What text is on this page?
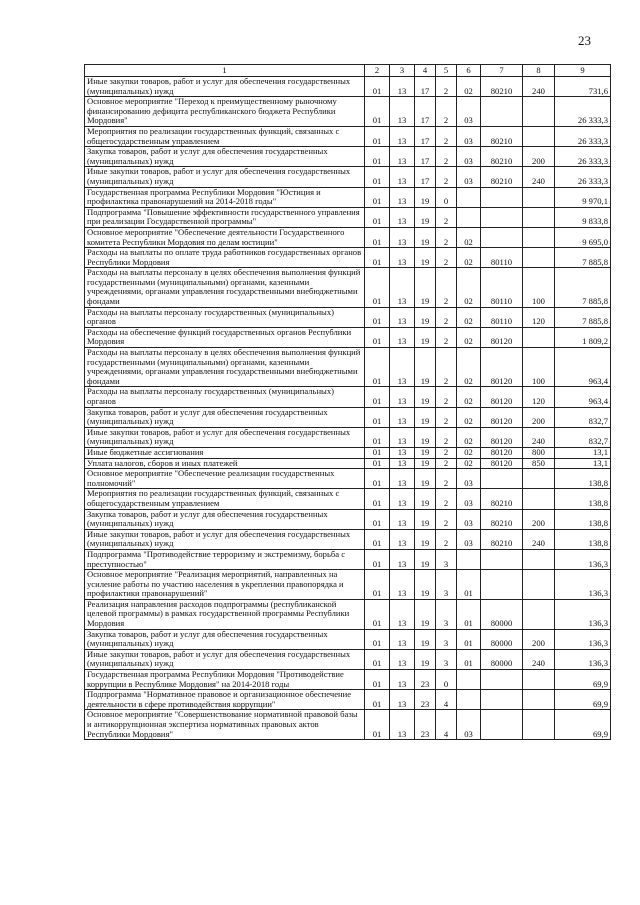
23
1	2	3	4	5	6	7	8	9
Иные закупки товаров, работ и услуг для обеспечения государственных (муниципальных) нужд	01	13	17	2	02	80210	240	731,6
Основное мероприятие "Переход к преимущественному рыночному финансированию дефицита республиканского бюджета Республики Мордовия"	01	13	17	2	03			26 333,3
Мероприятия по реализации государственных функций, связанных с общегосударственным управлением	01	13	17	2	03	80210		26 333,3
Закупка товаров, работ и услуг для обеспечения государственных (муниципальных) нужд	01	13	17	2	03	80210	200	26 333,3
Иные закупки товаров, работ и услуг для обеспечения государственных (муниципальных) нужд	01	13	17	2	03	80210	240	26 333,3
Государственная программа Республики Мордовия "Юстиция и профилактика правонарушений на 2014-2018 годы"	01	13	19	0				9 970,1
Подпрограмма "Повышение эффективности государственного управления при реализации Государственной программы"	01	13	19	2				9 833,8
Основное мероприятие "Обеспечение деятельности Государственного комитета Республики Мордовия по делам юстиции"	01	13	19	2	02			9 695,0
Расходы на выплаты по оплате труда работников государственных органов Республики Мордовия	01	13	19	2	02	80110		7 885,8
Расходы на выплаты персоналу в целях обеспечения выполнения функций государственными (муниципальными) органами, казенными учреждениями, органами управления государственными внебюджетными фондами	01	13	19	2	02	80110	100	7 885,8
Расходы на выплаты персоналу государственных (муниципальных) органов	01	13	19	2	02	80110	120	7 885,8
Расходы на обеспечение функций государственных органов Республики Мордовия	01	13	19	2	02	80120		1 809,2
Расходы на выплаты персоналу в целях обеспечения выполнения функций государственными (муниципальными) органами, казенными учреждениями, органами управления государственными внебюджетными фондами	01	13	19	2	02	80120	100	963,4
Расходы на выплаты персоналу государственных (муниципальных) органов	01	13	19	2	02	80120	120	963,4
Закупка товаров, работ и услуг для обеспечения государственных (муниципальных) нужд	01	13	19	2	02	80120	200	832,7
Иные закупки товаров, работ и услуг для обеспечения государственных (муниципальных) нужд	01	13	19	2	02	80120	240	832,7
Иные бюджетные ассигнования	01	13	19	2	02	80120	800	13,1
Уплата налогов, сборов и иных платежей	01	13	19	2	02	80120	850	13,1
Основное мероприятие "Обеспечение реализации государственных полномочий"	01	13	19	2	03			138,8
Мероприятия по реализации государственных функций, связанных с общегосударственным управлением	01	13	19	2	03	80210		138,8
Закупка товаров, работ и услуг для обеспечения государственных (муниципальных) нужд	01	13	19	2	03	80210	200	138,8
Иные закупки товаров, работ и услуг для обеспечения государственных (муниципальных) нужд	01	13	19	2	03	80210	240	138,8
Подпрограмма "Противодействие терроризму и экстремизму, борьба с преступностью"	01	13	19	3				136,3
Основное мероприятие "Реализация мероприятий, направленных на усиление работы по участию населения в укреплении правопорядка и профилактики правонарушений"	01	13	19	3	01			136,3
Реализация направления расходов подпрограммы (республиканской целевой программы) в рамках государственной программы Республики Мордовия	01	13	19	3	01	80000		136,3
Закупка товаров, работ и услуг для обеспечения государственных (муниципальных) нужд	01	13	19	3	01	80000	200	136,3
Иные закупки товаров, работ и услуг для обеспечения государственных (муниципальных) нужд	01	13	19	3	01	80000	240	136,3
Государственная программа Республики Мордовия "Противодействие коррупции в Республике Мордовия" на 2014-2018 годы	01	13	23	0				69,9
Подпрограмма "Нормативное правовое и организационное обеспечение деятельности в сфере противодействия коррупции"	01	13	23	4				69,9
Основное мероприятие "Совершенствование нормативной правовой базы и антикоррупционная экспертиза нормативных правовых актов Республики Мордовия"	01	13	23	4	03			69,9
